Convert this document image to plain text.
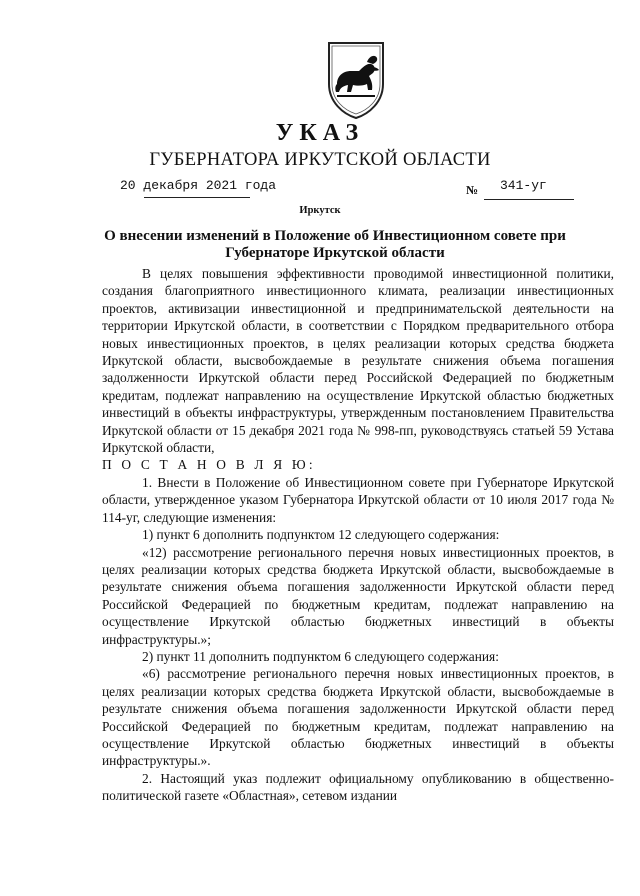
УКАЗ
ГУБЕРНАТОРА ИРКУТСКОЙ ОБЛАСТИ
20 декабря 2021 года	№ 341-уг
Иркутск
О внесении изменений в Положение об Инвестиционном совете при Губернаторе Иркутской области

В целях повышения эффективности проводимой инвестиционной политики, создания благоприятного инвестиционного климата, реализации инвестиционных проектов, активизации инвестиционной и предпринимательской деятельности на территории Иркутской области, в соответствии с Порядком предварительного отбора новых инвестиционных проектов, в целях реализации которых средства бюджета Иркутской области, высвобождаемые в результате снижения объема погашения задолженности Иркутской области перед Российской Федерацией по бюджетным кредитам, подлежат направлению на осуществление Иркутской областью бюджетных инвестиций в объекты инфраструктуры, утвержденным постановлением Правительства Иркутской области от 15 декабря 2021 года № 998-пп, руководствуясь статьей 59 Устава Иркутской области,

П О С Т А Н О В Л Я Ю:

1. Внести в Положение об Инвестиционном совете при Губернаторе Иркутской области, утвержденное указом Губернатора Иркутской области от 10 июля 2017 года № 114-уг, следующие изменения:

1) пункт 6 дополнить подпунктом 12 следующего содержания:

«12) рассмотрение регионального перечня новых инвестиционных проектов, в целях реализации которых средства бюджета Иркутской области, высвобождаемые в результате снижения объема погашения задолженности Иркутской области перед Российской Федерацией по бюджетным кредитам, подлежат направлению на осуществление Иркутской областью бюджетных инвестиций в объекты инфраструктуры.»;

2) пункт 11 дополнить подпунктом 6 следующего содержания:

«6) рассмотрение регионального перечня новых инвестиционных проектов, в целях реализации которых средства бюджета Иркутской области, высвобождаемые в результате снижения объема погашения задолженности Иркутской области перед Российской Федерацией по бюджетным кредитам, подлежат направлению на осуществление Иркутской областью бюджетных инвестиций в объекты инфраструктуры.».

2. Настоящий указ подлежит официальному опубликованию в общественно-политической газете «Областная», сетевом издании
